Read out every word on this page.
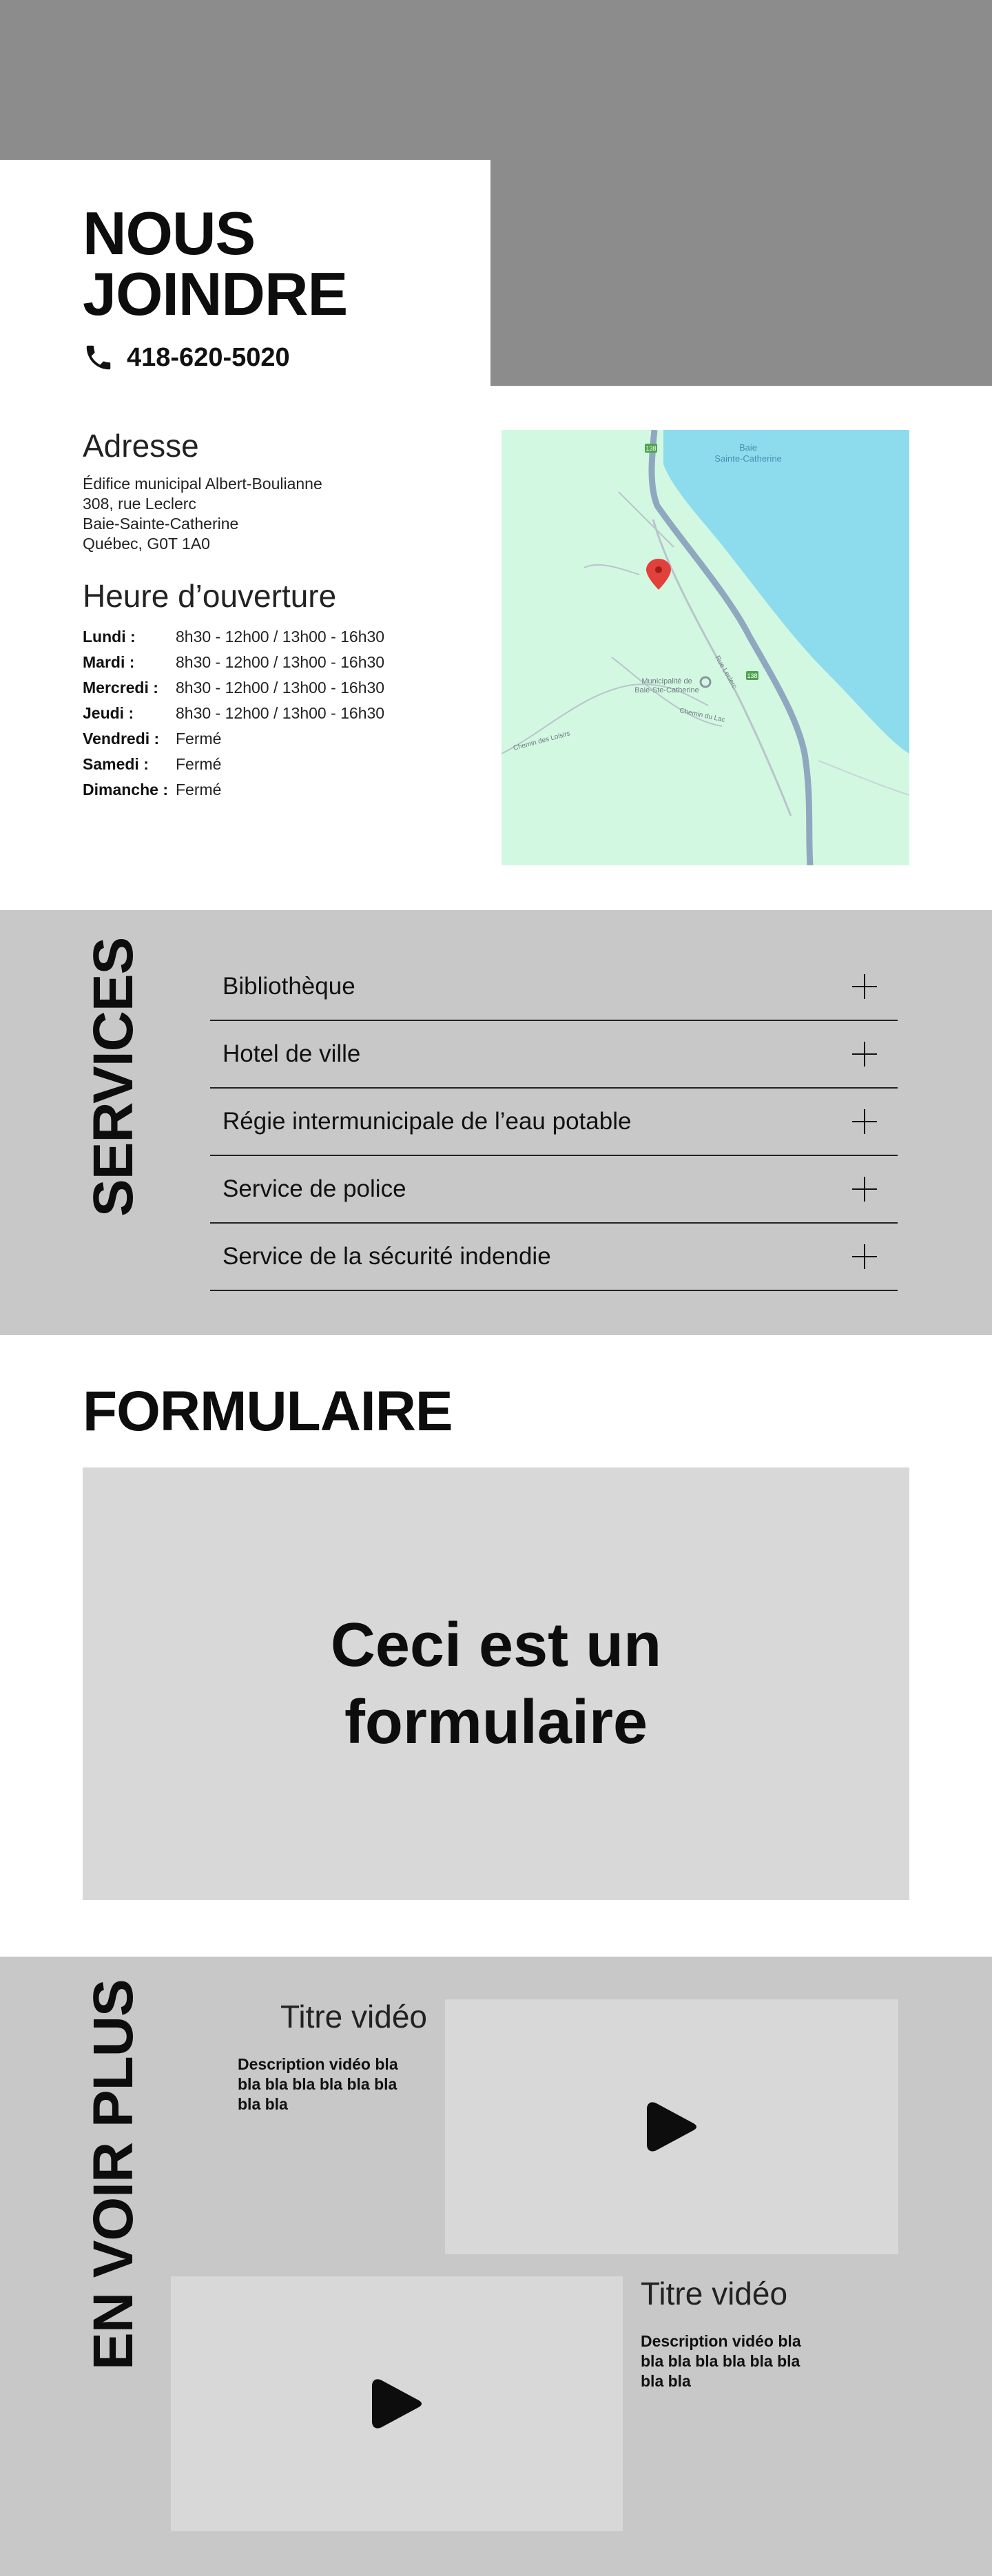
NOUS
JOINDRE
418-620-5020
Adresse

Édifice municipal Albert-Boulianne

308, rue Leclerc

Baie-Sainte-Catherine

Québec, G0T 1A0

Heure d’ouverture
Lundi :	8h30 - 12h00 / 13h00 - 16h30
Mardi :	8h30 - 12h00 / 13h00 - 16h30
Mercredi :	8h30 - 12h00 / 13h00 - 16h30
Jeudi :	8h30 - 12h00 / 13h00 - 16h30
Vendredi :	Fermé
Samedi :	Fermé
Dimanche : Fermé
Baie
Sainte-Catherine
Municipalité de
Baie-Ste-Catherine
Rue Leclerc
Chemin des Loisirs
Chemin du Lac
138
138
SERVICES	Bibliothèque
Hotel de ville
Régie intermunicipale de l’eau potable
Service de police
Service de la sécurité indendie
FORMULAIRE
Ceci est un formulaire
EN VOIR PLUS	Titre vidéo

Description vidéo bla bla bla bla bla bla bla bla bla

Titre vidéo

Description vidéo bla bla bla bla bla bla bla bla bla
